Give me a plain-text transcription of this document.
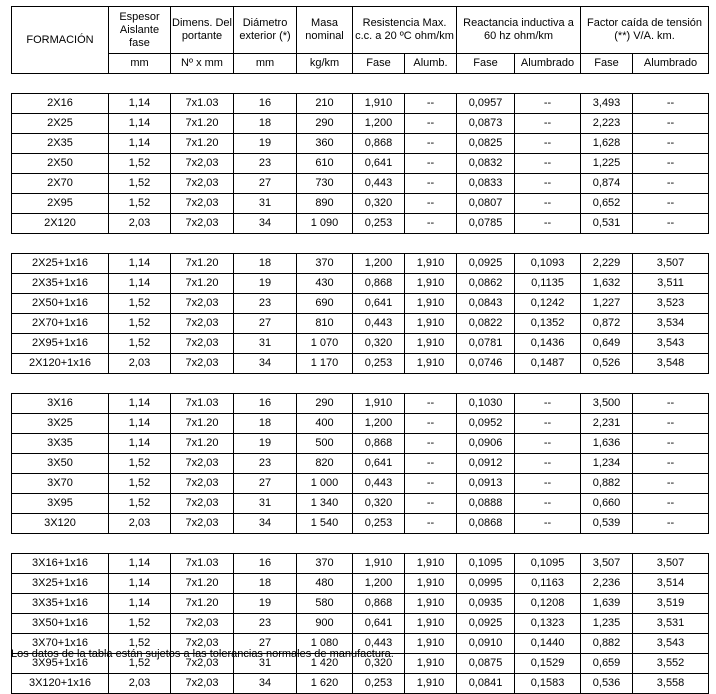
FORMACIÓN	Espesor Aislante fase	Dimens. Del portante	Diámetro exterior (*)	Masa nominal	Resistencia Max. c.c. a 20 ºC ohm/km		Reactancia inductiva a 60 hz ohm/km		Factor caída de tensión (**) V/A. km.	
	mm	Nº x mm	mm	kg/km	Fase	Alumb.	Fase	Alumbrado	Fase	Alumbrado

2X16	1,14	7x1.03	16	210	1,910	--	0,0957	--	3,493	--
2X25	1,14	7x1.20	18	290	1,200	--	0,0873	--	2,223	--
2X35	1,14	7x1.20	19	360	0,868	--	0,0825	--	1,628	--
2X50	1,52	7x2,03	23	610	0,641	--	0,0832	--	1,225	--
2X70	1,52	7x2,03	27	730	0,443	--	0,0833	--	0,874	--
2X95	1,52	7x2,03	31	890	0,320	--	0,0807	--	0,652	--
2X120	2,03	7x2,03	34	1 090	0,253	--	0,0785	--	0,531	--

2X25+1x16	1,14	7x1.20	18	370	1,200	1,910	0,0925	0,1093	2,229	3,507
2X35+1x16	1,14	7x1.20	19	430	0,868	1,910	0,0862	0,1135	1,632	3,511
2X50+1x16	1,52	7x2,03	23	690	0,641	1,910	0,0843	0,1242	1,227	3,523
2X70+1x16	1,52	7x2,03	27	810	0,443	1,910	0,0822	0,1352	0,872	3,534
2X95+1x16	1,52	7x2,03	31	1 070	0,320	1,910	0,0781	0,1436	0,649	3,543
2X120+1x16	2,03	7x2,03	34	1 170	0,253	1,910	0,0746	0,1487	0,526	3,548

3X16	1,14	7x1.03	16	290	1,910	--	0,1030	--	3,500	--
3X25	1,14	7x1.20	18	400	1,200	--	0,0952	--	2,231	--
3X35	1,14	7x1.20	19	500	0,868	--	0,0906	--	1,636	--
3X50	1,52	7x2,03	23	820	0,641	--	0,0912	--	1,234	--
3X70	1,52	7x2,03	27	1 000	0,443	--	0,0913	--	0,882	--
3X95	1,52	7x2,03	31	1 340	0,320	--	0,0888	--	0,660	--
3X120	2,03	7x2,03	34	1 540	0,253	--	0,0868	--	0,539	--

3X16+1x16	1,14	7x1.03	16	370	1,910	1,910	0,1095	0,1095	3,507	3,507
3X25+1x16	1,14	7x1.20	18	480	1,200	1,910	0,0995	0,1163	2,236	3,514
3X35+1x16	1,14	7x1.20	19	580	0,868	1,910	0,0935	0,1208	1,639	3,519
3X50+1x16	1,52	7x2,03	23	900	0,641	1,910	0,0925	0,1323	1,235	3,531
3X70+1x16	1,52	7x2,03	27	1 080	0,443	1,910	0,0910	0,1440	0,882	3,543
3X95+1x16	1,52	7x2,03	31	1 420	0,320	1,910	0,0875	0,1529	0,659	3,552
3X120+1x16	2,03	7x2,03	34	1 620	0,253	1,910	0,0841	0,1583	0,536	3,558
Los datos de la tabla están sujetos a las tolerancias normales de manufactura.
